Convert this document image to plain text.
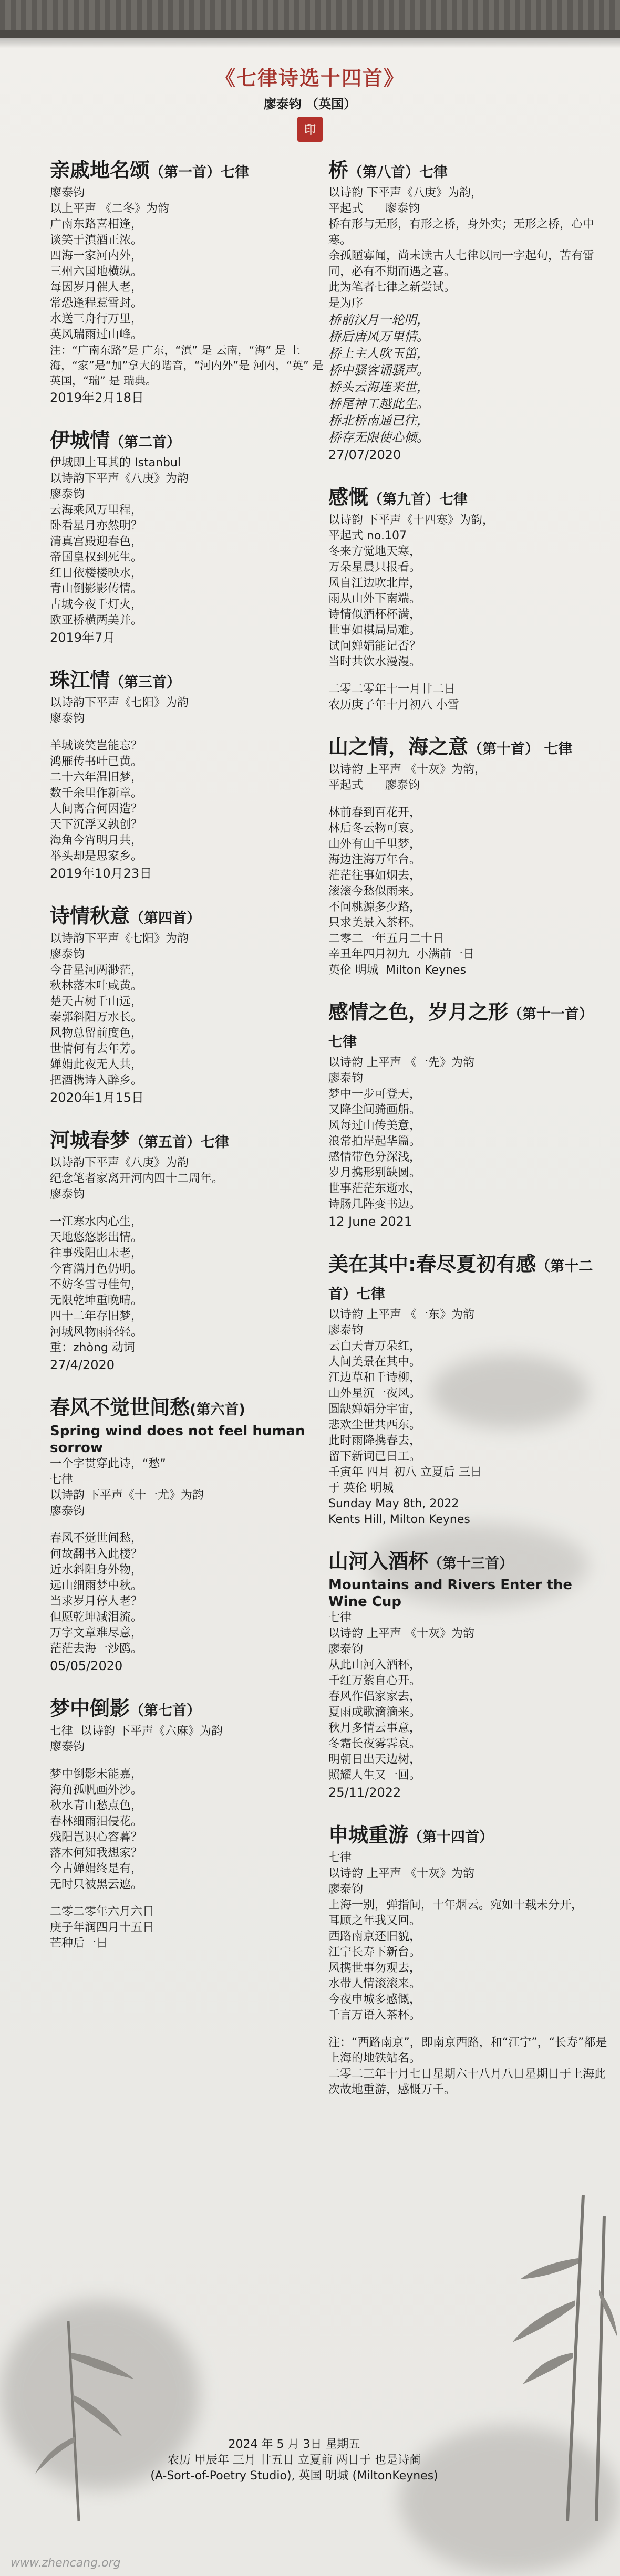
《七律诗选十四首》
廖泰钧 （英国）
印
亲戚地名颂（第一首）七律
廖泰钧
以上平声 《二冬》为韵
广南东路喜相逢，
谈笑于滇酒正浓。
四海一家河内外，
三州六国地横纵。
每因岁月催人老，
常恐逢程惹雪封。
水送三舟行万里，
英风瑞雨过山峰。
注：“广南东路”是 广东，“滇” 是 云南，“海” 是 上海，“家”是“加”拿大的谐音，“河内外”是 河内，“英” 是 英国，“瑞” 是 瑞典。
2019年2月18日
伊城情（第二首）
伊城即土耳其的 Istanbul
以诗韵下平声《八庚》为韵
廖泰钧
云海乘风万里程，
卧看星月亦然明？
清真宫殿迎春色，
帝国皇权到死生。
红日依楼楼映水，
青山倒影影传情。
古城今夜千灯火，
欧亚桥横两美并。
2019年7月
珠江情（第三首）
以诗韵下平声《七阳》为韵
廖泰钧
羊城谈笑岂能忘？
鸿雁传书叶已黄。
二十六年温旧梦，
数千余里作新章。
人间离合何因造？
天下沉浮又孰创？
海角今宵明月共，
举头却是思家乡。
2019年10月23日
诗情秋意（第四首）
以诗韵下平声《七阳》为韵
廖泰钧
今昔星河两渺茫，
秋林落木叶咸黄。
楚天古树千山远，
秦郭斜阳万水长。
风物总留前度色，
世情何有去年芳。
婵娟此夜无人共，
把酒携诗入醉乡。
2020年1月15日
河城春梦（第五首）七律
以诗韵下平声《八庚》为韵
纪念笔者家离开河内四十二周年。
廖泰钧
一江寒水内心生，
天地悠悠影出情。
往事残阳山未老，
今宵满月色仍明。
不妨冬雪寻佳句，
无限乾坤重晚晴。
四十二年存旧梦，
河城风物雨轻轻。
重：zhòng 动词
27/4/2020
春风不觉世间愁(第六首)
Spring wind does not feel human sorrow
一个字贯穿此诗，“愁”
七律
以诗韵 下平声《十一尤》为韵
廖泰钧
春风不觉世间愁，
何故翻书入此楼？
近水斜阳身外物，
远山细雨梦中秋。
当求岁月停人老？
但愿乾坤减泪流。
万字文章难尽意，
茫茫去海一沙鸥。
05/05/2020
梦中倒影（第七首）
七律  以诗韵 下平声《六麻》为韵
廖泰钧
梦中倒影未能嘉，
海角孤帆画外沙。
秋水青山愁点色，
春林细雨泪侵花。
残阳岂识心容暮？
落木何知我想家？
今古婵娟终是有，
无时只被黑云遮。
二零二零年六月六日
庚子年润四月十五日
芒种后一日
桥（第八首）七律
以诗韵 下平声《八庚》为韵，
平起式      廖泰钧
桥有形与无形，有形之桥，身外实；无形之桥，心中寒。
余孤陋寡闻，尚未读古人七律以同一字起句，苦有雷同，必有不期而遇之喜。
此为笔者七律之新尝试。
是为序
桥前汉月一轮明，
桥后唐风万里情。
桥上主人吹玉笛，
桥中骚客诵骚声。
桥头云海连来世，
桥尾神工越此生。
桥北桥南通已往，
桥存无限使心倾。
27/07/2020
感慨（第九首）七律
以诗韵 下平声《十四寒》为韵，
平起式 no.107
冬来方觉地天寒，
万朵星晨只报看。
风自江边吹北岸，
雨从山外下南端。
诗情似酒杯杯满，
世事如棋局局难。
试问婵娟能记否？
当时共饮水漫漫。
二零二零年十一月廿二日
农历庚子年十月初八 小雪
山之情，海之意（第十首） 七律
以诗韵 上平声 《十灰》为韵，
平起式      廖泰钧
林前春到百花开，
林后冬云物可哀。
山外有山千里梦，
海边注海万年台。
茫茫往事如烟去，
滚滚今愁似雨来。
不问桃源多少路，
只求美景入茶杯。
二零二一年五月二十日
辛丑年四月初九  小满前一日
英伦 明城  Milton Keynes
感情之色，岁月之形（第十一首） 七律
以诗韵 上平声 《一先》为韵
廖泰钧
梦中一步可登天，
又降尘间骑画船。
风每过山传美意，
浪常拍岸起华篇。
感情带色分深浅，
岁月携形别缺圆。
世事茫茫东逝水，
诗肠几阵变书边。
12 June 2021
美在其中:春尽夏初有感（第十二首）七律
以诗韵 上平声 《一东》为韵
廖泰钧
云白天青万朵红，
人间美景在其中。
江边草和千诗柳，
山外星沉一夜风。
圆缺婵娟分宇宙，
悲欢尘世共西东。
此时雨降携春去，
留下新词已日工。
壬寅年 四月 初八 立夏后 三日
于 英伦 明城
Sunday May 8th, 2022
Kents Hill, Milton Keynes
山河入酒杯（第十三首）
Mountains and Rivers Enter the Wine Cup
七律
以诗韵 上平声 《十灰》为韵
廖泰钧
从此山河入酒杯，
千红万紫自心开。
春风作侣家家去，
夏雨成歌滴滴来。
秋月多情云事意，
冬霜长夜雾霁哀。
明朝日出天边树，
照耀人生又一回。
25/11/2022
申城重游（第十四首）
七律
以诗韵 上平声 《十灰》为韵
廖泰钧
上海一别，弹指间，十年烟云。宛如十载未分开，
耳顾之年我又回。
西路南京还旧貌，
江宁长寿下新台。
风携世事勿观去，
水带人情滚滚来。
今夜申城多感慨，
千言万语入茶杯。
注：“西路南京”，即南京西路，和“江宁”，“长寿”都是上海的地铁站名。
二零二三年十月七日星期六十八月八日星期日于上海此次故地重游，感慨万千。
2024 年 5 月 3日 星期五
农历 甲辰年 三月 廿五日 立夏前 两日于 也是诗蔺
(A-Sort-of-Poetry Studio), 英国 明城 (MiltonKeynes)
www.zhencang.org
